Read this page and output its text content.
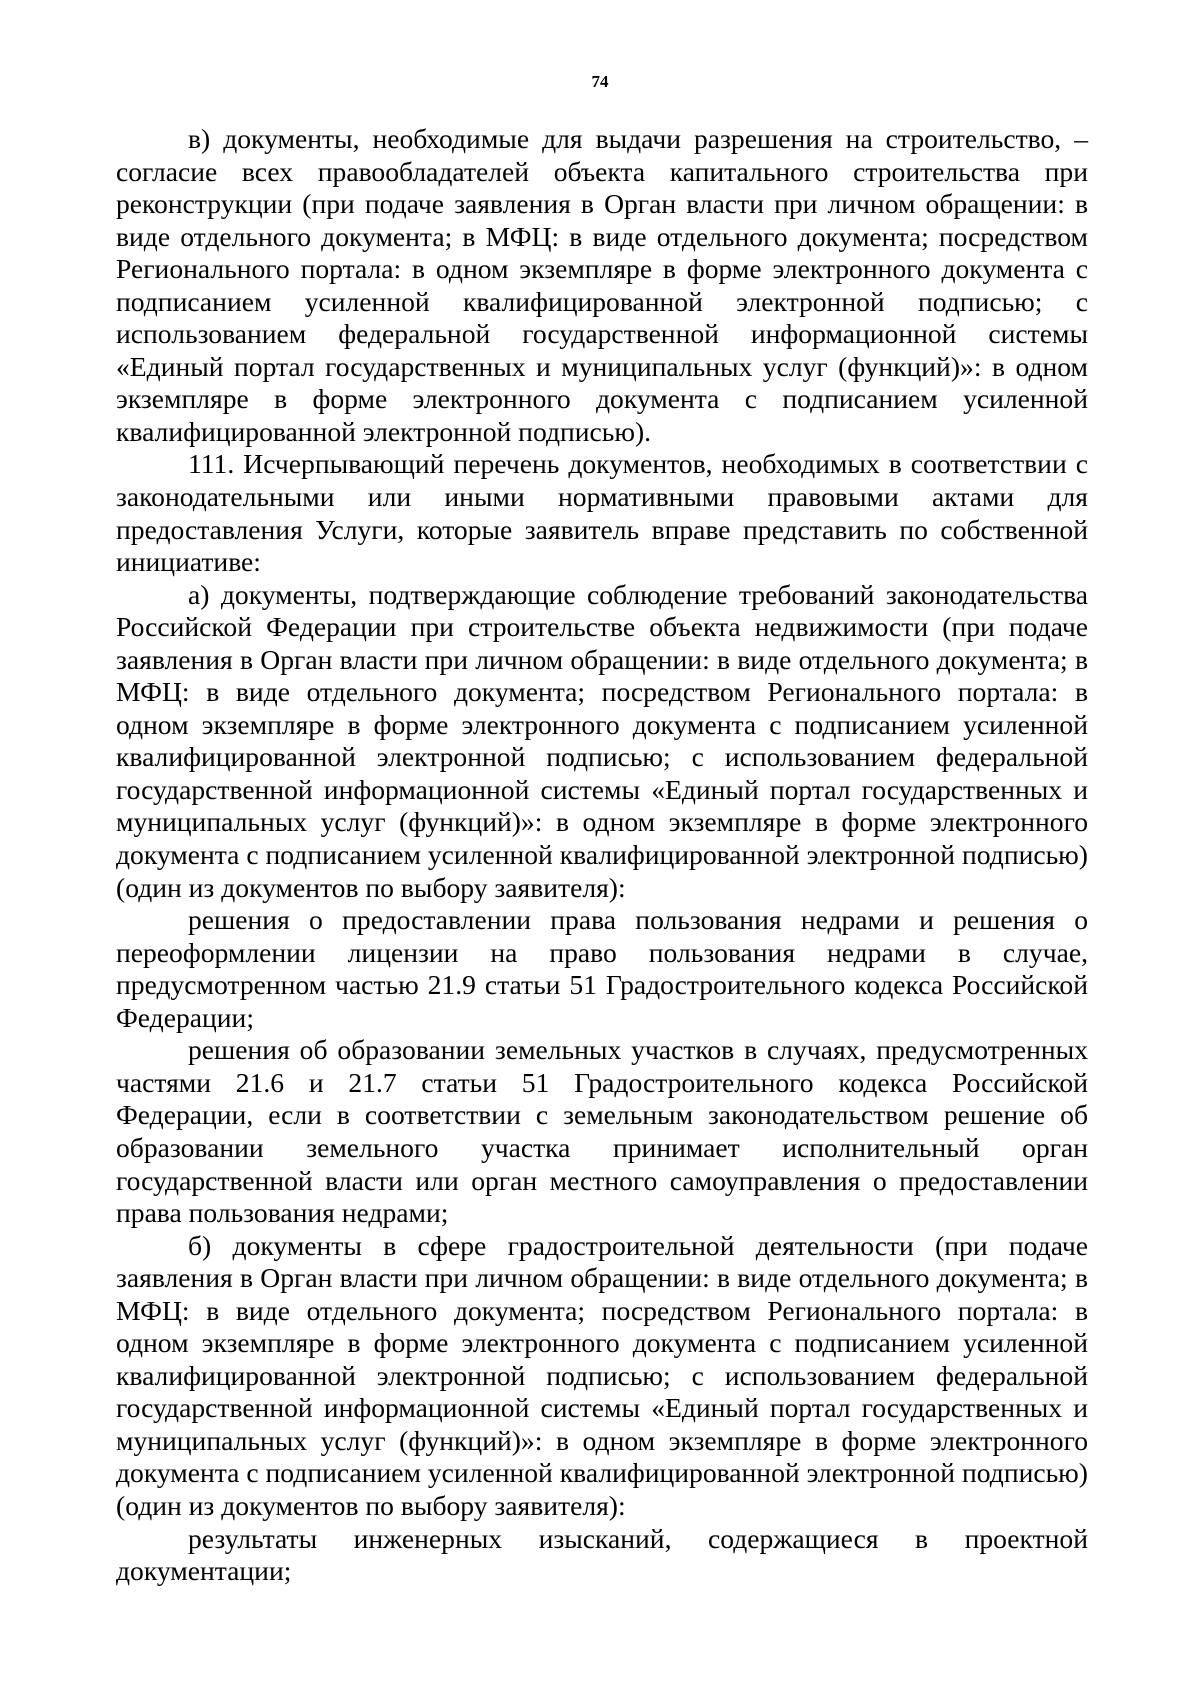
74

в) документы, необходимые для выдачи разрешения на строительство, – согласие всех правообладателей объекта капитального строительства при реконструкции (при подаче заявления в Орган власти при личном обращении: в виде отдельного документа; в МФЦ: в виде отдельного документа; посредством Регионального портала: в одном экземпляре в форме электронного документа с подписанием усиленной квалифицированной электронной подписью; с использованием федеральной государственной информационной системы «Единый портал государственных и муниципальных услуг (функций)»: в одном экземпляре в форме электронного документа с подписанием усиленной квалифицированной электронной подписью).

111. Исчерпывающий перечень документов, необходимых в соответствии с законодательными или иными нормативными правовыми актами для предоставления Услуги, которые заявитель вправе представить по собственной инициативе:

а) документы, подтверждающие соблюдение требований законодательства Российской Федерации при строительстве объекта недвижимости (при подаче заявления в Орган власти при личном обращении: в виде отдельного документа; в МФЦ: в виде отдельного документа; посредством Регионального портала: в одном экземпляре в форме электронного документа с подписанием усиленной квалифицированной электронной подписью; с использованием федеральной государственной информационной системы «Единый портал государственных и муниципальных услуг (функций)»: в одном экземпляре в форме электронного документа с подписанием усиленной квалифицированной электронной подписью) (один из документов по выбору заявителя):

решения о предоставлении права пользования недрами и решения о переоформлении лицензии на право пользования недрами в случае, предусмотренном частью 21.9 статьи 51 Градостроительного кодекса Российской Федерации;

решения об образовании земельных участков в случаях, предусмотренных частями 21.6 и 21.7 статьи 51 Градостроительного кодекса Российской Федерации, если в соответствии с земельным законодательством решение об образовании земельного участка принимает исполнительный орган государственной власти или орган местного самоуправления о предоставлении права пользования недрами;

б) документы в сфере градостроительной деятельности (при подаче заявления в Орган власти при личном обращении: в виде отдельного документа; в МФЦ: в виде отдельного документа; посредством Регионального портала: в одном экземпляре в форме электронного документа с подписанием усиленной квалифицированной электронной подписью; с использованием федеральной государственной информационной системы «Единый портал государственных и муниципальных услуг (функций)»: в одном экземпляре в форме электронного документа с подписанием усиленной квалифицированной электронной подписью) (один из документов по выбору заявителя):

результаты инженерных изысканий, содержащиеся в проектной документации;
